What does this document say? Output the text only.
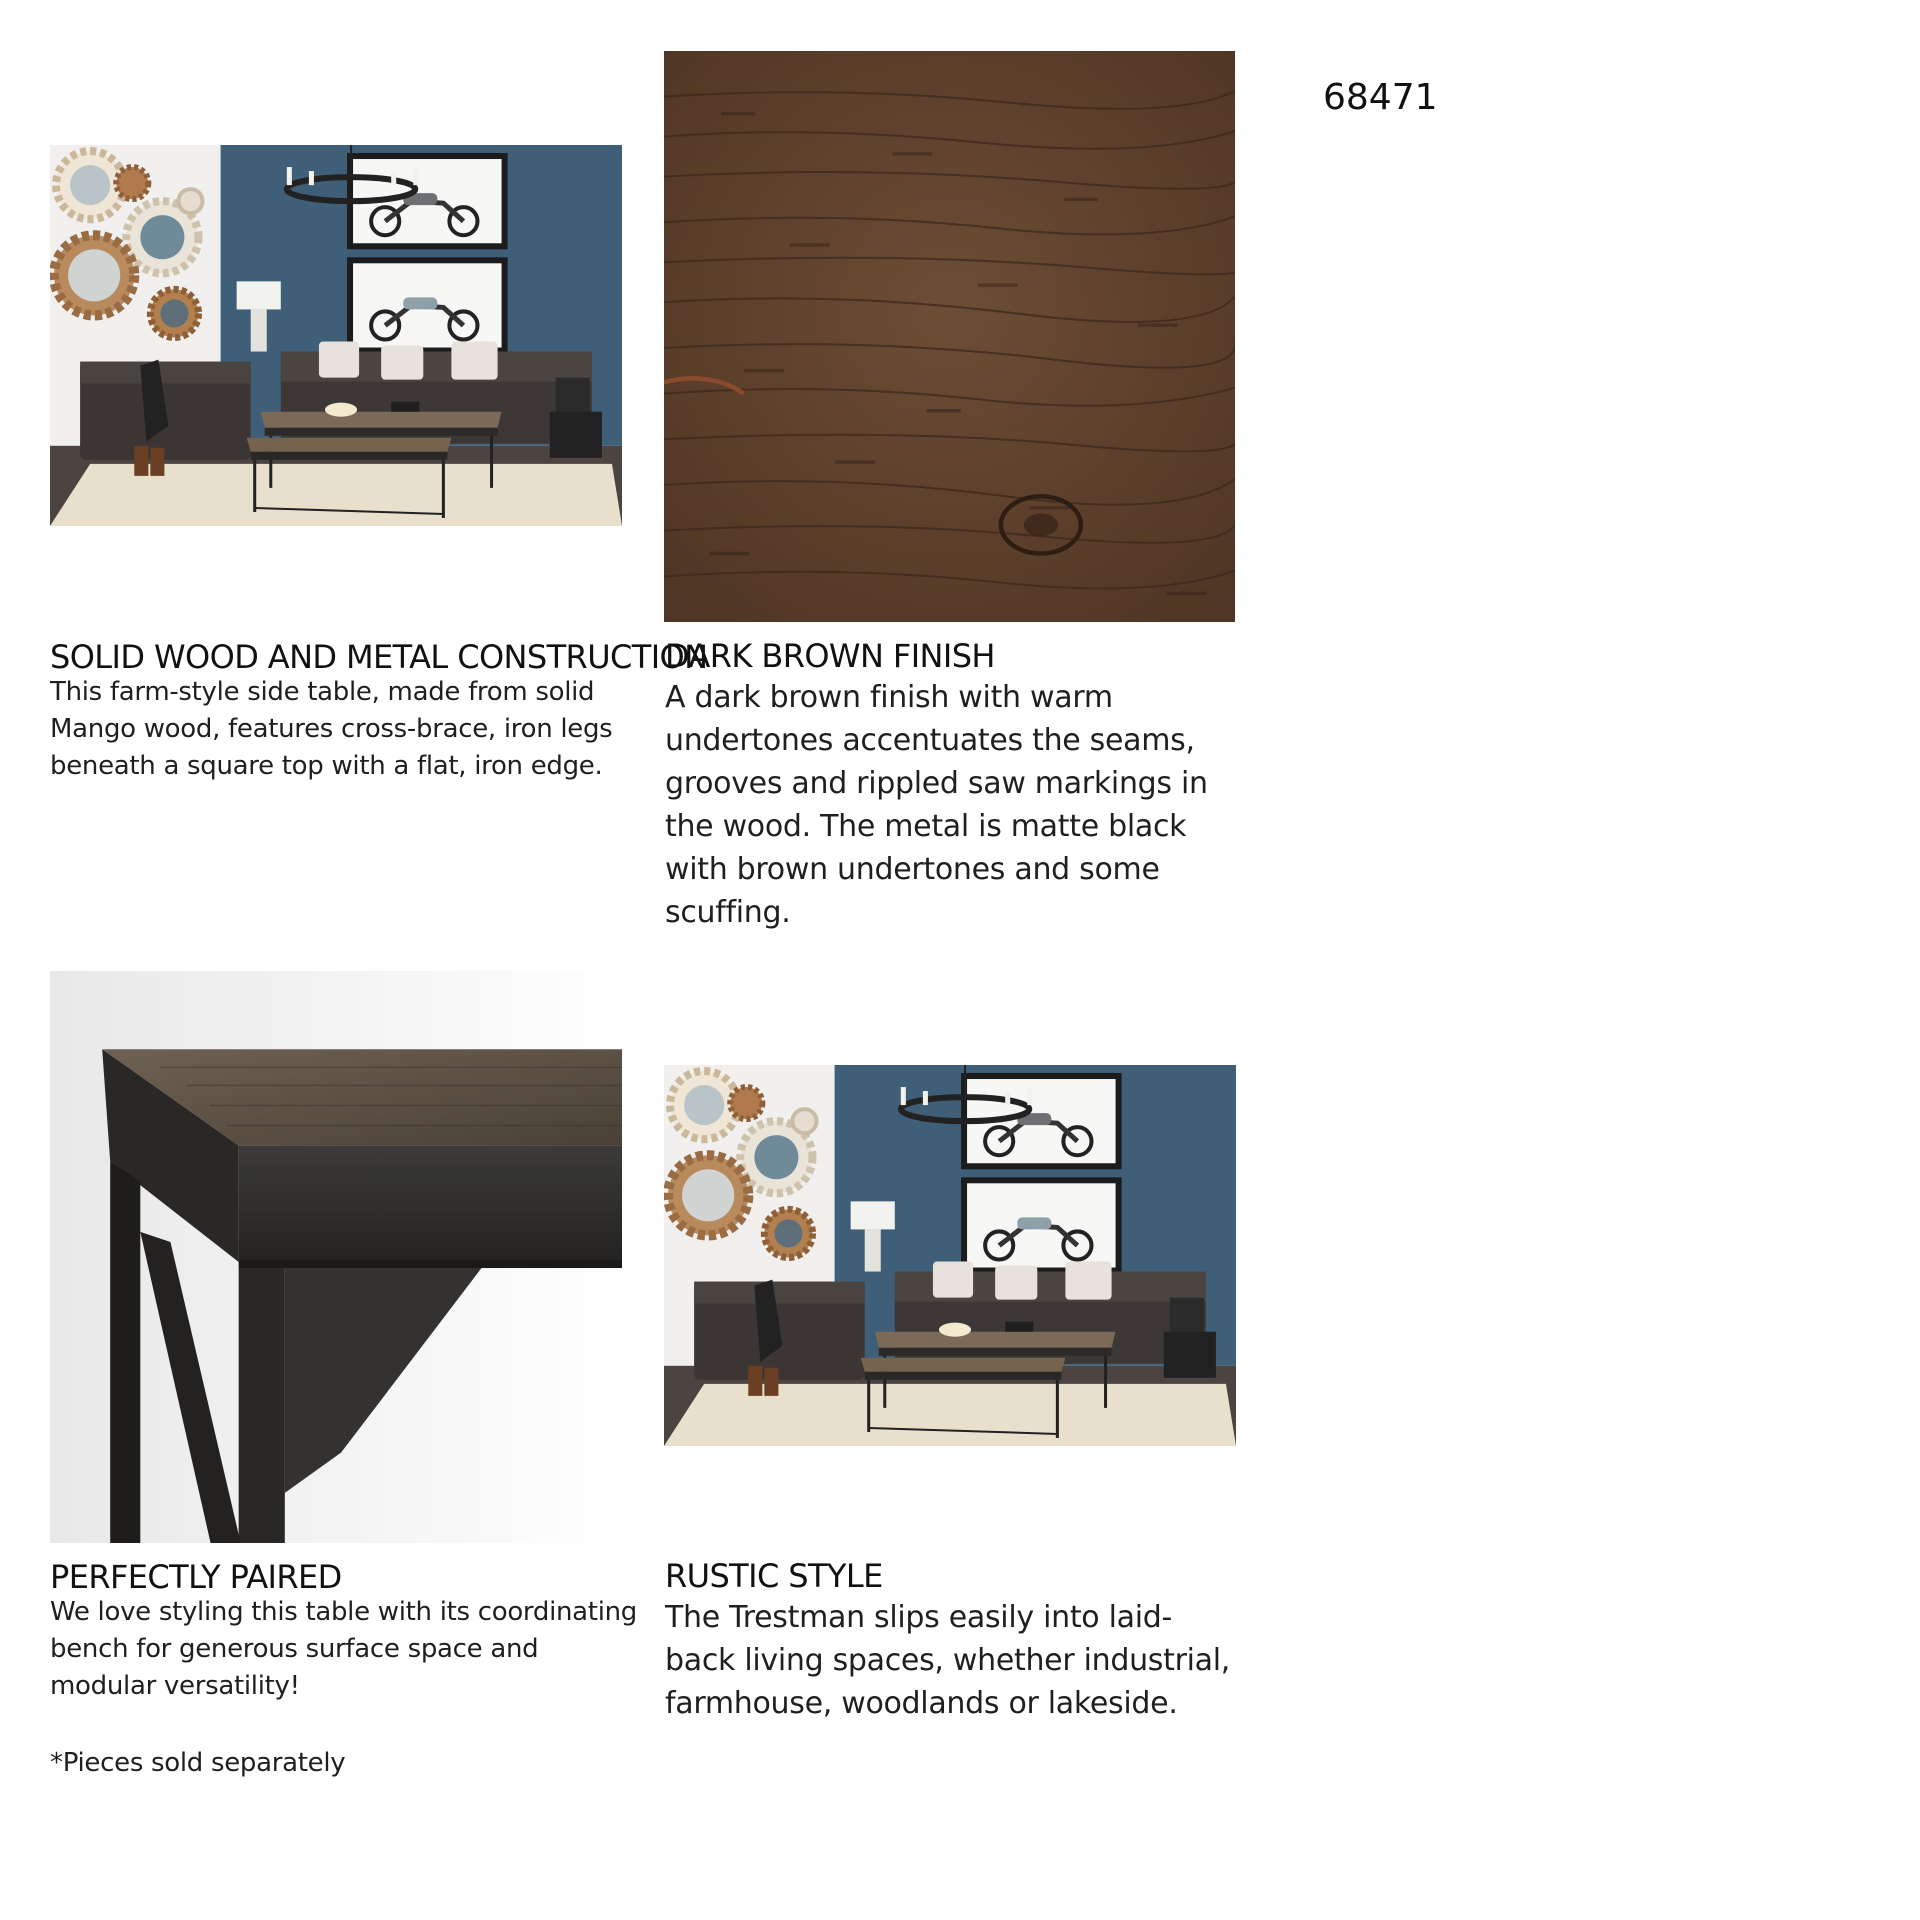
68471
SOLID WOOD AND METAL CONSTRUCTION
This farm-style side table, made from solid Mango wood, features cross-brace, iron legs beneath a square top with a flat, iron edge.
DARK BROWN FINISH
A dark brown finish with warm undertones accentuates the seams, grooves and rippled saw markings in the wood. The metal is matte black with brown undertones and some scuffing.
PERFECTLY PAIRED
We love styling this table with its coordinating bench for generous surface space and modular versatility!
*Pieces sold separately
RUSTIC STYLE
The Trestman slips easily into laid-back living spaces, whether industrial, farmhouse, woodlands or lakeside.
